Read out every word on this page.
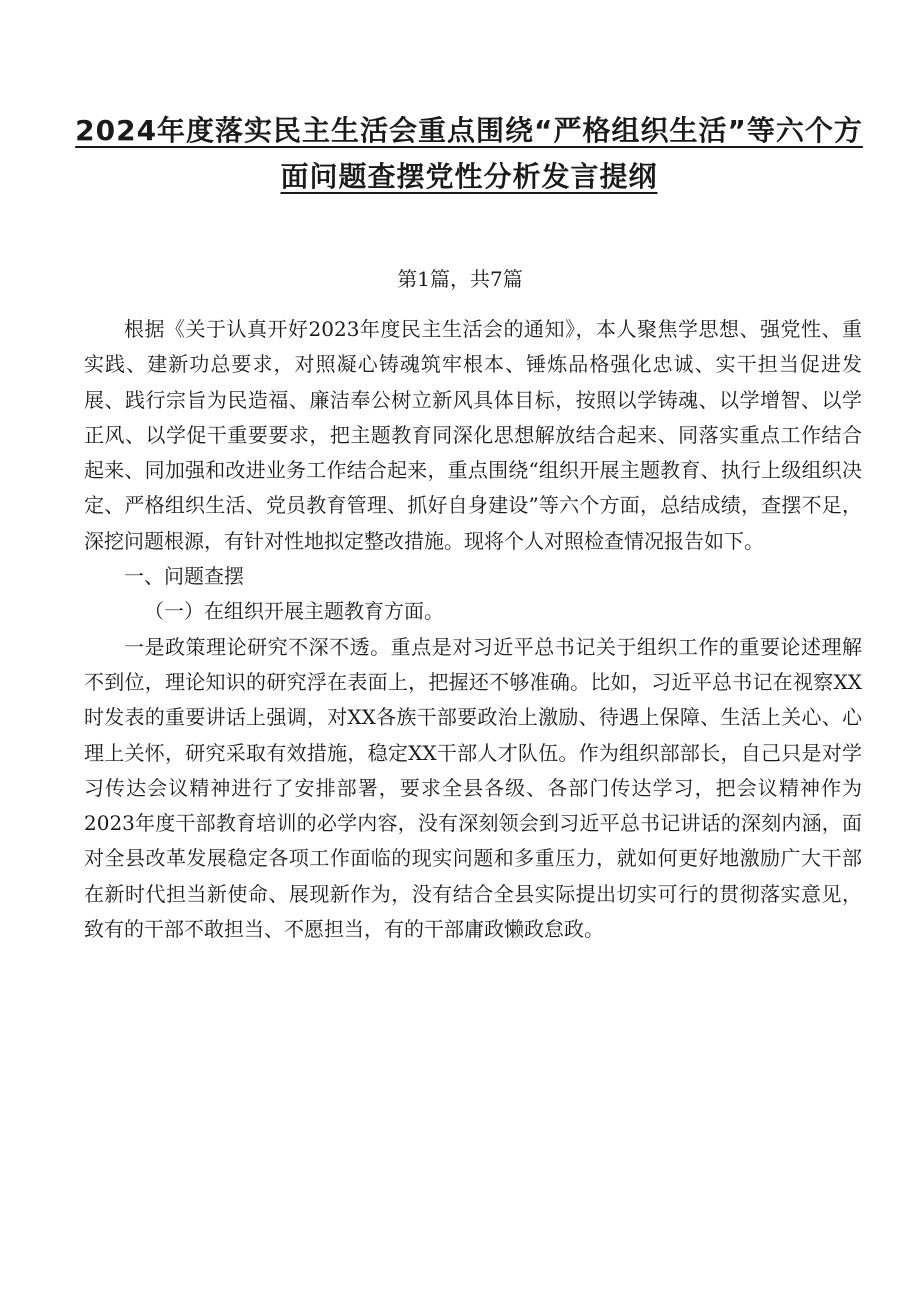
2024年度落实民主生活会重点围绕“严格组织生活”等六个方面问题查摆党性分析发言提纲
第1篇，共7篇

根据《关于认真开好2023年度民主生活会的通知》，本人聚焦学思想、强党性、重实践、建新功总要求，对照凝心铸魂筑牢根本、锤炼品格强化忠诚、实干担当促进发展、践行宗旨为民造福、廉洁奉公树立新风具体目标，按照以学铸魂、以学增智、以学正风、以学促干重要要求，把主题教育同深化思想解放结合起来、同落实重点工作结合起来、同加强和改进业务工作结合起来，重点围绕“组织开展主题教育、执行上级组织决定、严格组织生活、党员教育管理、抓好自身建设”等六个方面，总结成绩，查摆不足，深挖问题根源，有针对性地拟定整改措施。现将个人对照检查情况报告如下。

一、问题查摆

（一）在组织开展主题教育方面。

一是政策理论研究不深不透。重点是对习近平总书记关于组织工作的重要论述理解不到位，理论知识的研究浮在表面上，把握还不够准确。比如，习近平总书记在视察XX时发表的重要讲话上强调，对XX各族干部要政治上激励、待遇上保障、生活上关心、心理上关怀，研究采取有效措施，稳定XX干部人才队伍。作为组织部部长，自己只是对学习传达会议精神进行了安排部署，要求全县各级、各部门传达学习，把会议精神作为2023年度干部教育培训的必学内容，没有深刻领会到习近平总书记讲话的深刻内涵，面对全县改革发展稳定各项工作面临的现实问题和多重压力，就如何更好地激励广大干部在新时代担当新使命、展现新作为，没有结合全县实际提出切实可行的贯彻落实意见，致有的干部不敢担当、不愿担当，有的干部庸政懒政怠政。
